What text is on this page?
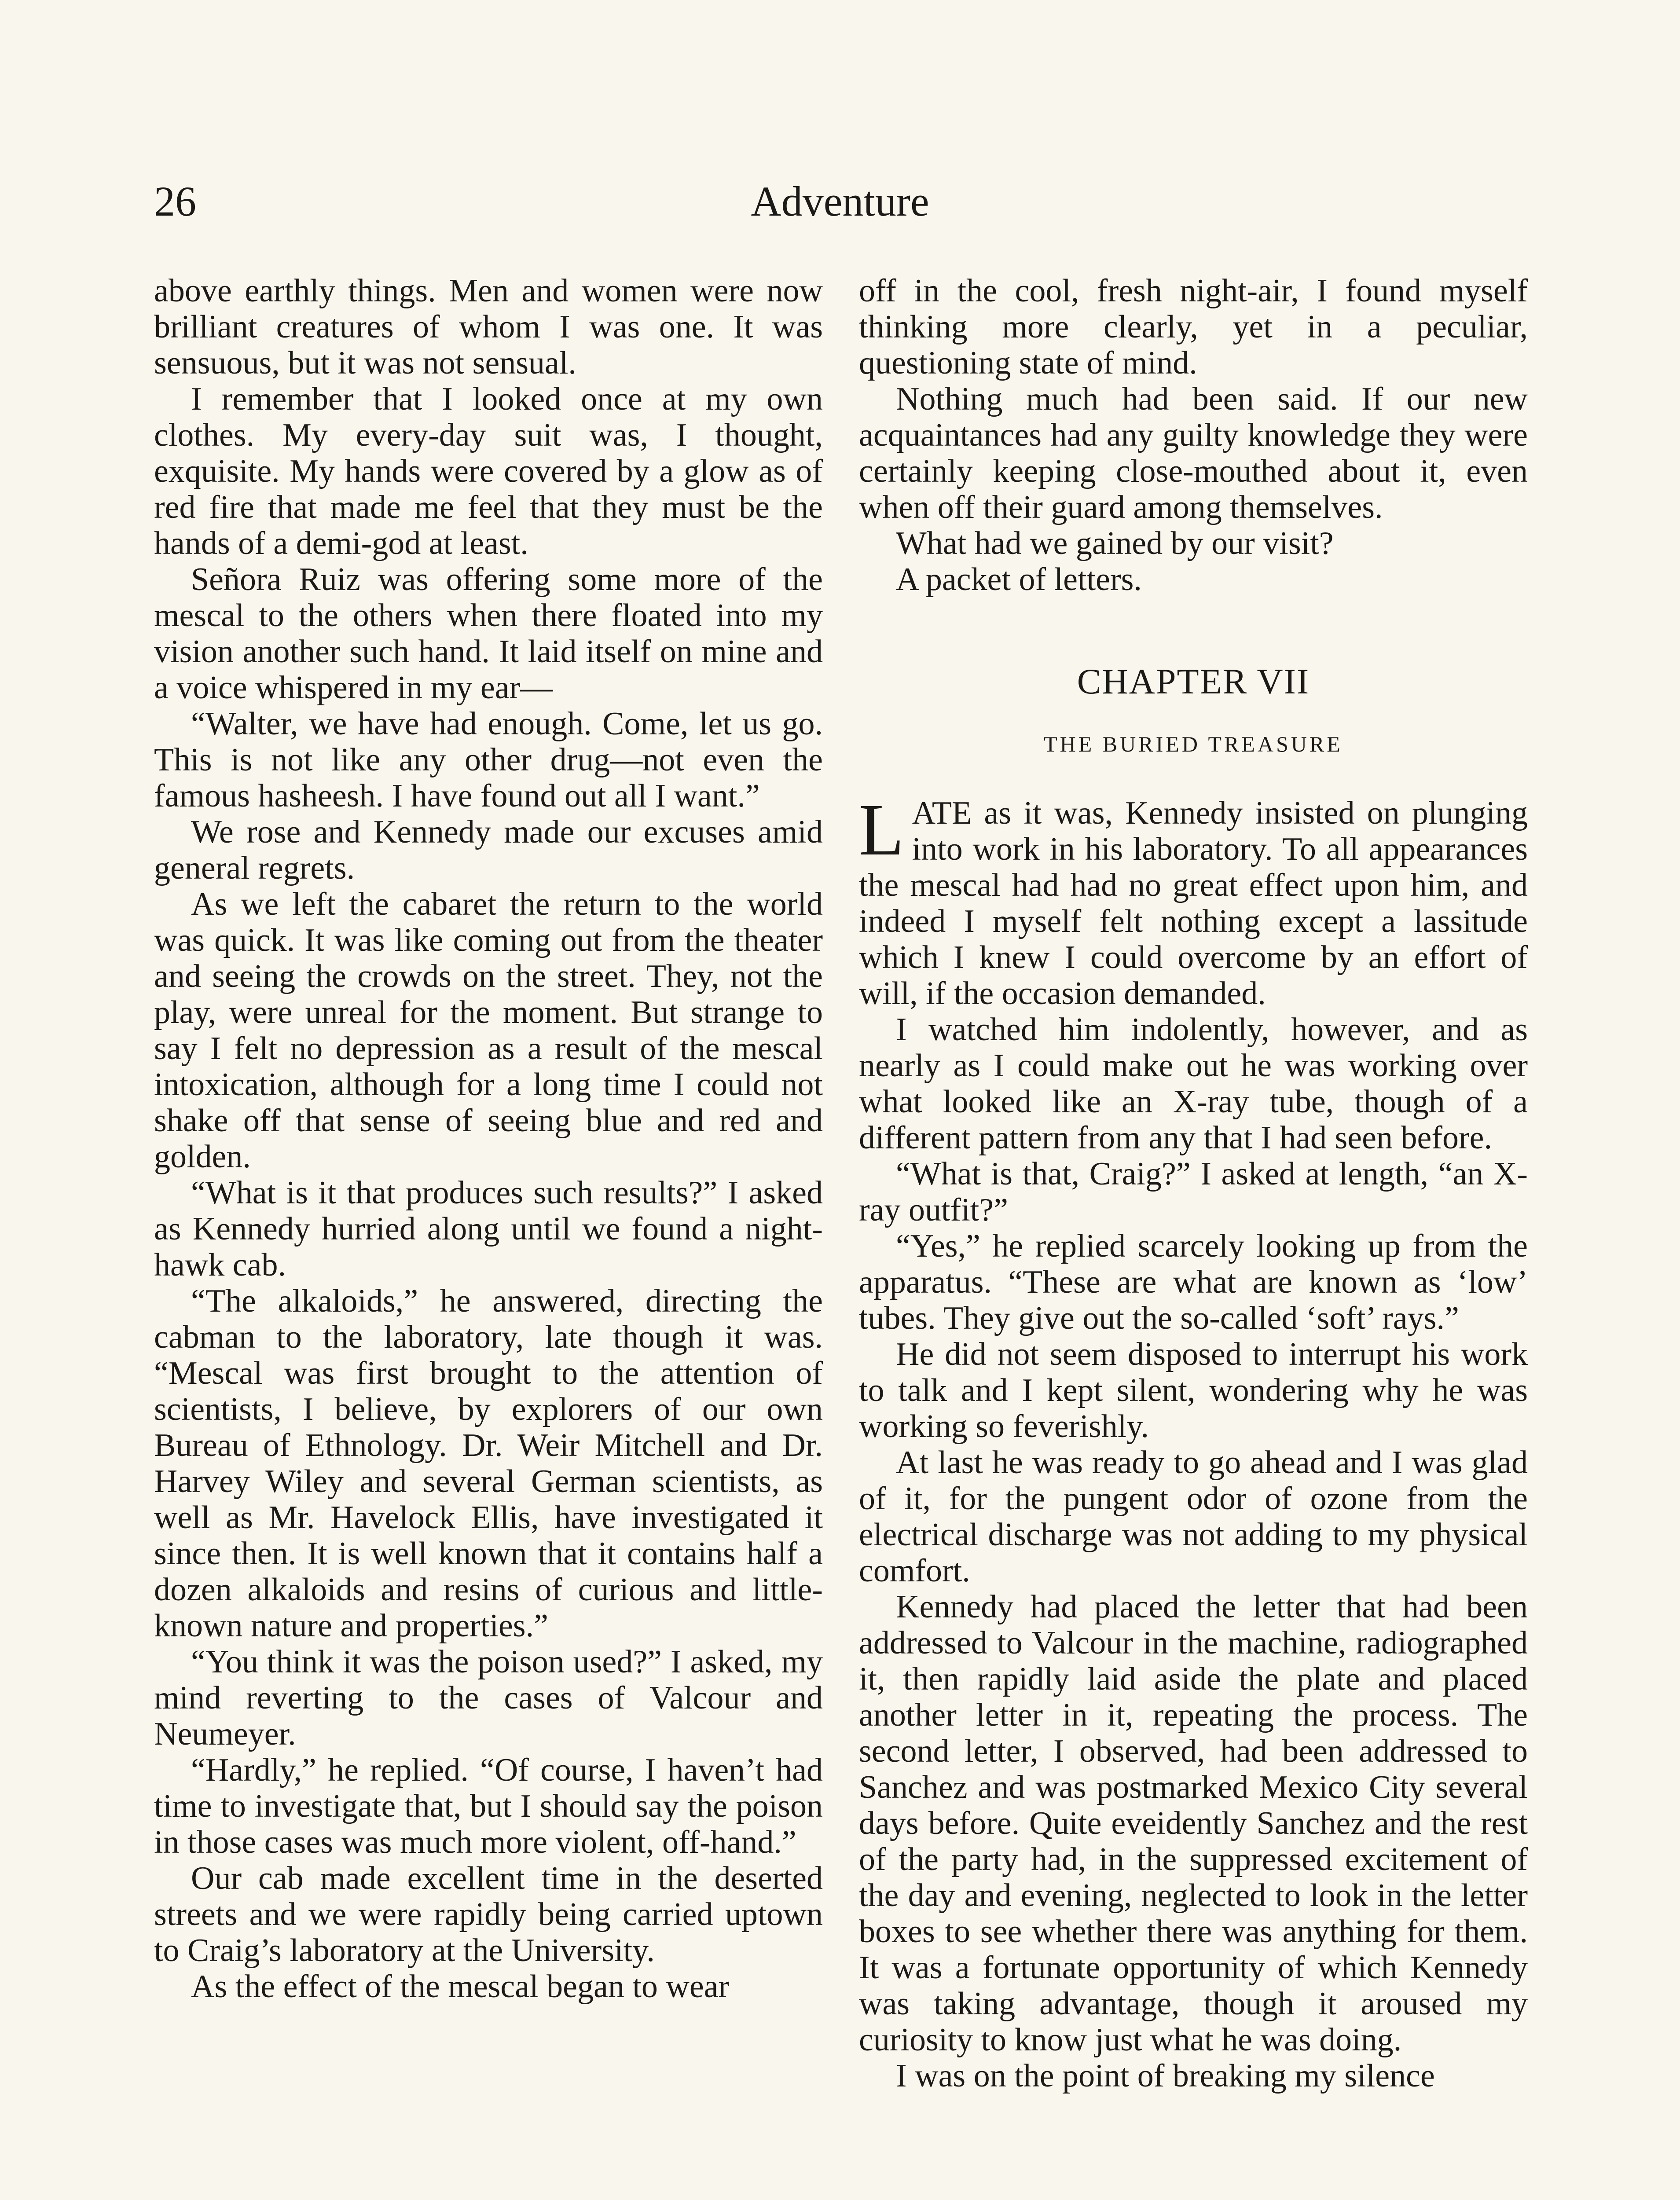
26	Adventure

above earthly things. Men and women were now brilliant creatures of whom I was one. It was sensuous, but it was not sensual.

I remember that I looked once at my own clothes. My every-day suit was, I thought, exquisite. My hands were covered by a glow as of red fire that made me feel that they must be the hands of a demi-god at least.

Señora Ruiz was offering some more of the mescal to the others when there floated into my vision another such hand. It laid itself on mine and a voice whispered in my ear—

“Walter, we have had enough. Come, let us go. This is not like any other drug—not even the famous hasheesh. I have found out all I want.”

We rose and Kennedy made our excuses amid general regrets.

As we left the cabaret the return to the world was quick. It was like coming out from the theater and seeing the crowds on the street. They, not the play, were unreal for the moment. But strange to say I felt no depression as a result of the mescal intoxication, although for a long time I could not shake off that sense of seeing blue and red and golden.

“What is it that produces such results?” I asked as Kennedy hurried along until we found a night-hawk cab.

“The alkaloids,” he answered, directing the cabman to the laboratory, late though it was. “Mescal was first brought to the attention of scientists, I believe, by explorers of our own Bureau of Ethnology. Dr. Weir Mitchell and Dr. Harvey Wiley and several German scientists, as well as Mr. Havelock Ellis, have investigated it since then. It is well known that it contains half a dozen alkaloids and resins of curious and little-known nature and properties.”

“You think it was the poison used?” I asked, my mind reverting to the cases of Valcour and Neumeyer.

“Hardly,” he replied. “Of course, I haven’t had time to investigate that, but I should say the poison in those cases was much more violent, off-hand.”

Our cab made excellent time in the deserted streets and we were rapidly being carried uptown to Craig’s laboratory at the University.

As the effect of the mescal began to wear

off in the cool, fresh night-air, I found myself thinking more clearly, yet in a peculiar, questioning state of mind.

Nothing much had been said. If our new acquaintances had any guilty knowledge they were certainly keeping close-mouthed about it, even when off their guard among themselves.

What had we gained by our visit?

A packet of letters.

CHAPTER VII
THE BURIED TREASURE

LATE as it was, Kennedy insisted on plunging into work in his laboratory. To all appearances the mescal had had no great effect upon him, and indeed I myself felt nothing except a lassitude which I knew I could overcome by an effort of will, if the occasion demanded.

I watched him indolently, however, and as nearly as I could make out he was working over what looked like an X-ray tube, though of a different pattern from any that I had seen before.

“What is that, Craig?” I asked at length, “an X-ray outfit?”

“Yes,” he replied scarcely looking up from the apparatus. “These are what are known as ‘low’ tubes. They give out the so-called ‘soft’ rays.”

He did not seem disposed to interrupt his work to talk and I kept silent, wondering why he was working so feverishly.

At last he was ready to go ahead and I was glad of it, for the pungent odor of ozone from the electrical discharge was not adding to my physical comfort.

Kennedy had placed the letter that had been addressed to Valcour in the machine, radiographed it, then rapidly laid aside the plate and placed another letter in it, repeating the process. The second letter, I observed, had been addressed to Sanchez and was postmarked Mexico City several days before. Quite eveidently Sanchez and the rest of the party had, in the suppressed excitement of the day and evening, neglected to look in the letter boxes to see whether there was anything for them. It was a fortunate opportunity of which Kennedy was taking advantage, though it aroused my curiosity to know just what he was doing.

I was on the point of breaking my silence
